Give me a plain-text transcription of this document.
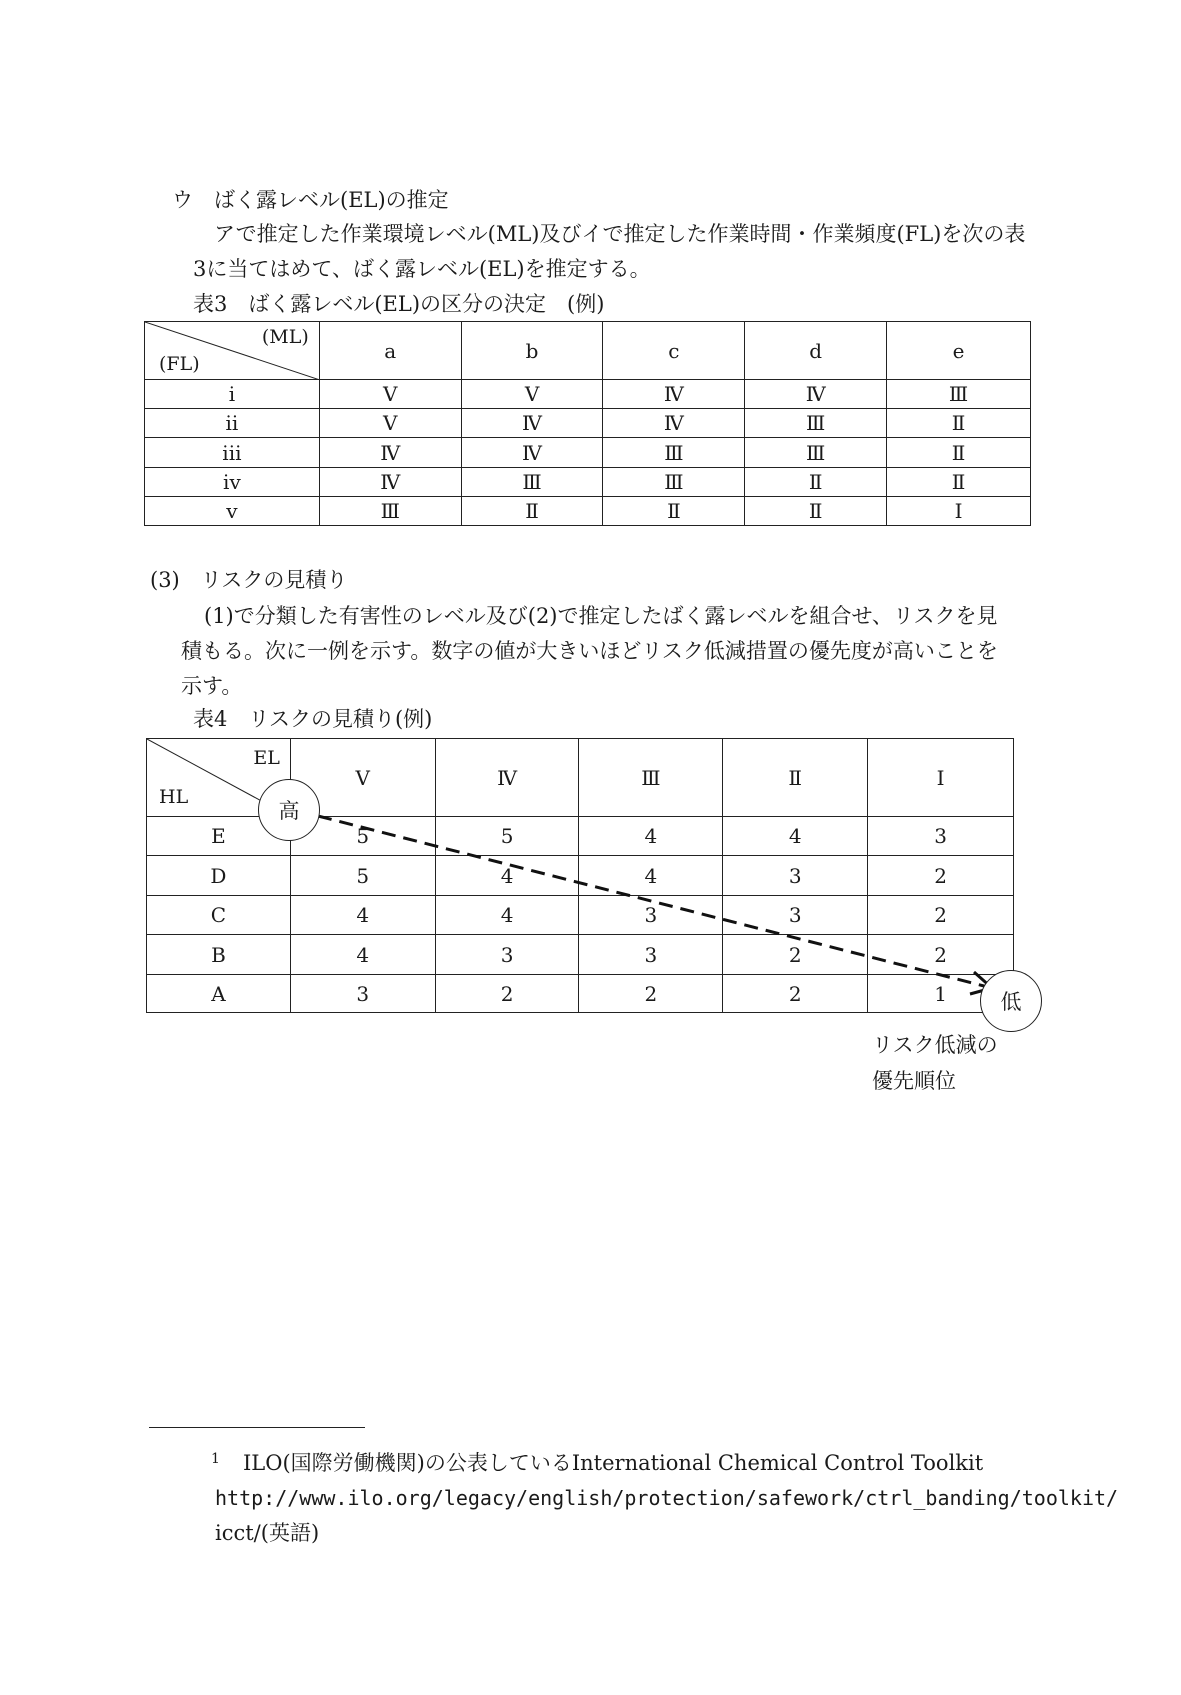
ウ　ばく露レベル(EL)の推定
アで推定した作業環境レベル(ML)及びイで推定した作業時間・作業頻度(FL)を次の表
3に当てはめて、ばく露レベル(EL)を推定する。
表3　ばく露レベル(EL)の区分の決定　(例)
(ML)
(FL)	a	b	c	d	e
i	Ⅴ	Ⅴ	Ⅳ	Ⅳ	Ⅲ
ii	Ⅴ	Ⅳ	Ⅳ	Ⅲ	Ⅱ
iii	Ⅳ	Ⅳ	Ⅲ	Ⅲ	Ⅱ
iv	Ⅳ	Ⅲ	Ⅲ	Ⅱ	Ⅱ
v	Ⅲ	Ⅱ	Ⅱ	Ⅱ	Ⅰ
(3)　リスクの見積り
(1)で分類した有害性のレベル及び(2)で推定したばく露レベルを組合せ、リスクを見
積もる。次に一例を示す。数字の値が大きいほどリスク低減措置の優先度が高いことを
示す。
表4　リスクの見積り(例)
EL
HL	Ⅴ	Ⅳ	Ⅲ	Ⅱ	Ⅰ
E	5	5	4	4	3
D	5	4	4	3	2
C	4	4	3	3	2
B	4	3	3	2	2
A	3	2	2	2	1
高
低
リスク低減の
優先順位
1 ILO(国際労働機関)の公表しているInternational Chemical Control Toolkit
http://www.ilo.org/legacy/english/protection/safework/ctrl_banding/toolkit/
icct/(英語)
